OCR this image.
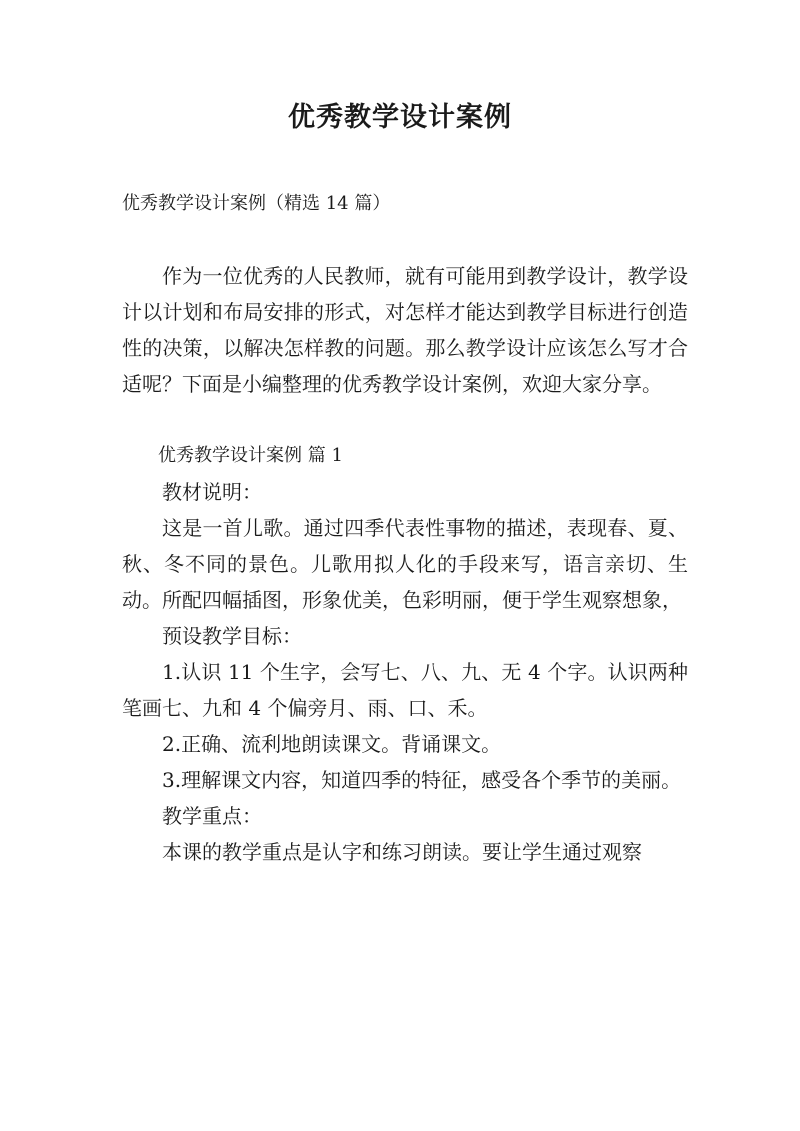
优秀教学设计案例
优秀教学设计案例（精选 14 篇）

作为一位优秀的人民教师，就有可能用到教学设计，教学设计以计划和布局安排的形式，对怎样才能达到教学目标进行创造性的决策，以解决怎样教的问题。那么教学设计应该怎么写才合适呢？下面是小编整理的优秀教学设计案例，欢迎大家分享。

优秀教学设计案例 篇 1

教材说明：

这是一首儿歌。通过四季代表性事物的描述，表现春、夏、秋、冬不同的景色。儿歌用拟人化的手段来写，语言亲切、生动。所配四幅插图，形象优美，色彩明丽，便于学生观察想象，

预设教学目标：

1.认识 11 个生字，会写七、八、九、无 4 个字。认识两种笔画七、九和 4 个偏旁月、雨、口、禾。

2.正确、流利地朗读课文。背诵课文。

3.理解课文内容，知道四季的特征，感受各个季节的美丽。

教学重点：

本课的教学重点是认字和练习朗读。要让学生通过观察
